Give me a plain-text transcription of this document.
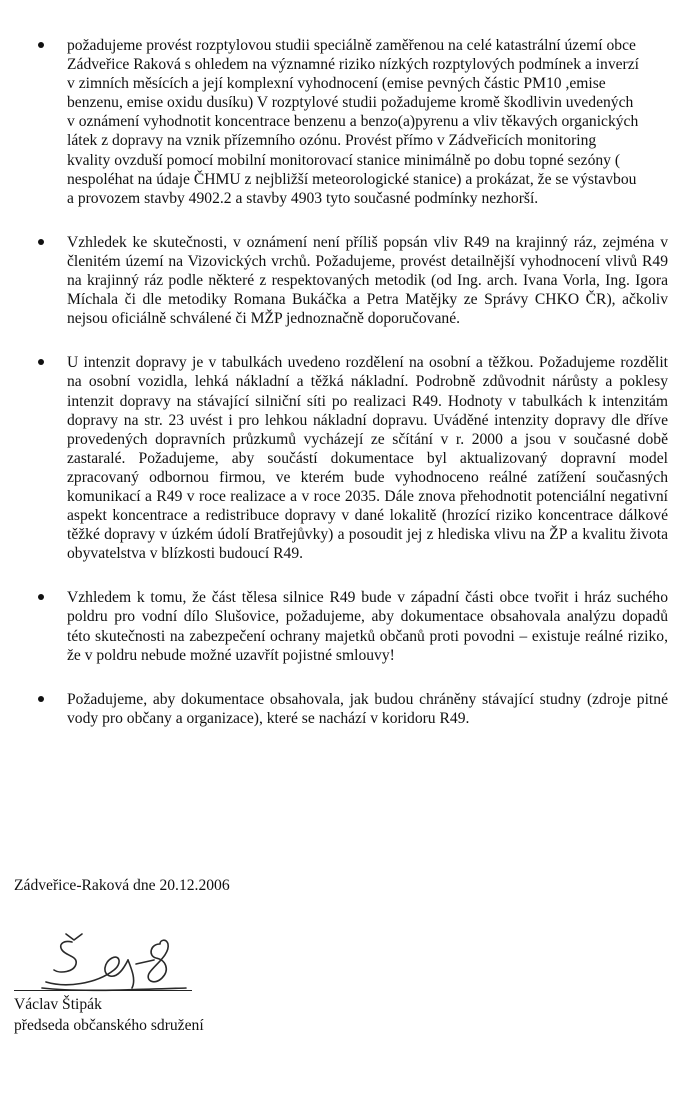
požadujeme provést rozptylovou studii speciálně zaměřenou na celé katastrální území obce Zádveřice Raková s ohledem na významné riziko nízkých rozptylových podmínek a inverzí v zimních měsících a její komplexní vyhodnocení (emise pevných částic PM10 ,emise benzenu, emise oxidu dusíku) V rozptylové studii požadujeme kromě škodlivin uvedených v oznámení vyhodnotit koncentrace benzenu a benzo(a)pyrenu a vliv těkavých organických látek z dopravy na vznik přízemního ozónu. Provést přímo v Zádveřicích monitoring kvality ovzduší pomocí mobilní monitorovací stanice minimálně po dobu topné sezóny ( nespoléhat na údaje ČHMU z nejbližší meteorologické stanice) a prokázat, že se výstavbou a provozem stavby 4902.2 a stavby 4903 tyto současné podmínky nezhorší.
Vzhledek ke skutečnosti, v oznámení není příliš popsán vliv R49 na krajinný ráz, zejména v členitém území na Vizovických vrchů. Požadujeme, provést detailnější vyhodnocení vlivů R49 na krajinný ráz podle některé z respektovaných metodik (od Ing. arch. Ivana Vorla, Ing. Igora Míchala či dle metodiky Romana Bukáčka a Petra Matějky ze Správy CHKO ČR), ačkoliv nejsou oficiálně schválené či MŽP jednoznačně doporučované.
U intenzit dopravy je v tabulkách uvedeno rozdělení na osobní a těžkou. Požadujeme rozdělit na osobní vozidla, lehká nákladní a těžká nákladní. Podrobně zdůvodnit nárůsty a poklesy intenzit dopravy na stávající silniční síti po realizaci R49. Hodnoty v tabulkách k intenzitám dopravy na str. 23 uvést i pro lehkou nákladní dopravu. Uváděné intenzity dopravy dle dříve provedených dopravních průzkumů vycházejí ze sčítání v r. 2000 a jsou v současné době zastaralé. Požadujeme, aby součástí dokumentace byl aktualizovaný dopravní model zpracovaný odbornou firmou, ve kterém bude vyhodnoceno reálné zatížení současných komunikací a R49 v roce realizace a v roce 2035. Dále znova přehodnotit potenciální negativní aspekt koncentrace a redistribuce dopravy v dané lokalitě (hrozící riziko koncentrace dálkové těžké dopravy v úzkém údolí Bratřejůvky) a posoudit jej z hlediska vlivu na ŽP a kvalitu života obyvatelstva v blízkosti budoucí R49.
Vzhledem k tomu, že část tělesa silnice R49 bude v západní části obce tvořit i hráz suchého poldru pro vodní dílo Slušovice, požadujeme, aby dokumentace obsahovala analýzu dopadů této skutečnosti na zabezpečení ochrany majetků občanů proti povodni – existuje reálné riziko, že v poldru nebude možné uzavřít pojistné smlouvy!
Požadujeme, aby dokumentace obsahovala, jak budou chráněny stávající studny (zdroje pitné vody pro občany a organizace), které se nachází v koridoru R49.
Zádveřice-Raková dne 20.12.2006
Václav Štipák
předseda občanského sdružení
